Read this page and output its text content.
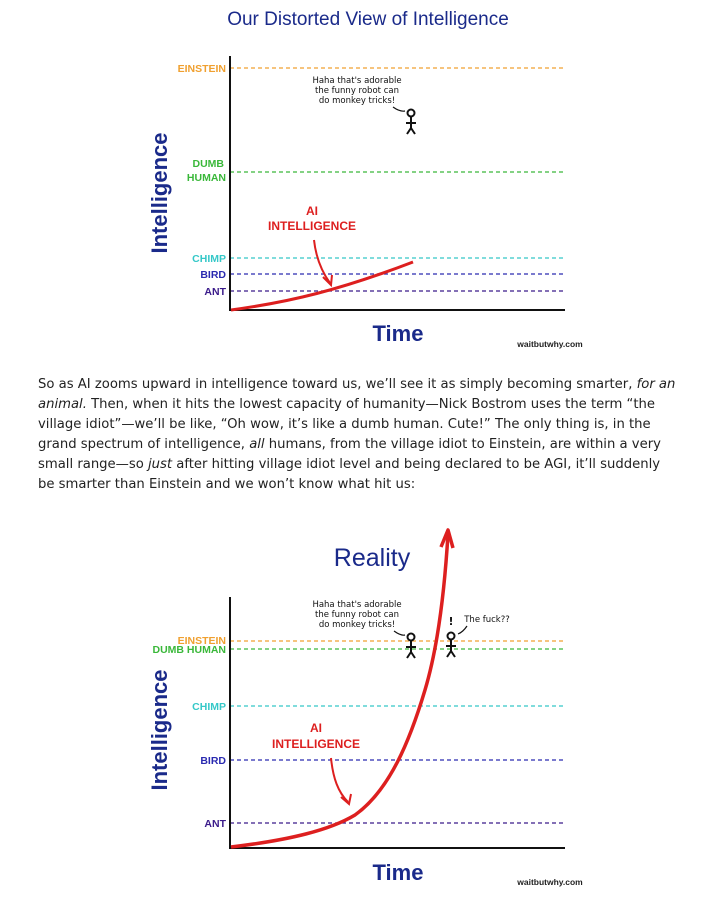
Our Distorted View of Intelligence
EINSTEIN
DUMB
HUMAN
CHIMP
BIRD
ANT
Intelligence
Time	waitbutwhy.com
AI
INTELLIGENCE
Haha that's adorable
the funny robot can
do monkey tricks!

So as AI zooms upward in intelligence toward us, we’ll see it as simply becoming smarter, for an animal. Then, when it hits the lowest capacity of humanity—Nick Bostrom uses the term “the village idiot”—we’ll be like, “Oh wow, it’s like a dumb human. Cute!” The only thing is, in the grand spectrum of intelligence, all humans, from the village idiot to Einstein, are within a very small range—so just after hitting village idiot level and being declared to be AGI, it’ll suddenly be smarter than Einstein and we won’t know what hit us:

Reality
EINSTEIN
DUMB HUMAN
CHIMP
BIRD
ANT
Intelligence
Time	waitbutwhy.com
AI
INTELLIGENCE
Haha that's adorable
the funny robot can
do monkey tricks!	! The fuck??
